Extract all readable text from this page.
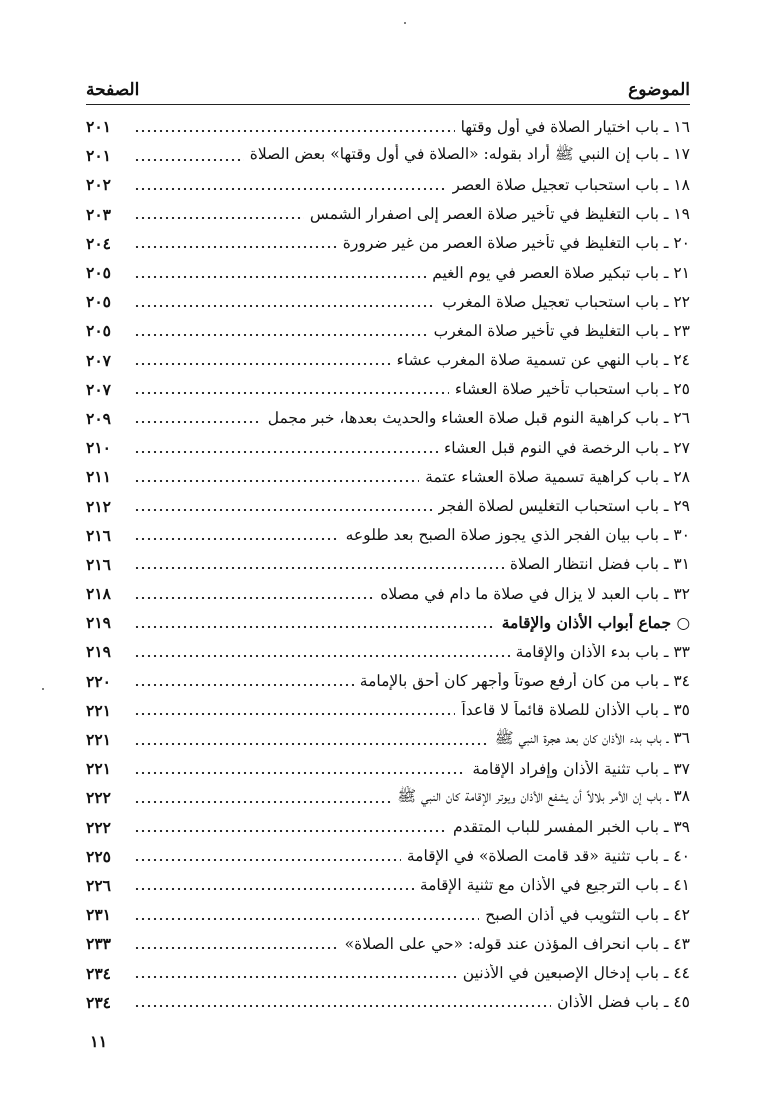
الموضوع
الصفحة
١٦ ـ باب اختيار الصلاة في أول وقتها
٢٠١
١٧ ـ باب إن النبي ﷺ أراد بقوله: «الصلاة في أول وقتها» بعض الصلاة
٢٠١
١٨ ـ باب استحباب تعجيل صلاة العصر
٢٠٢
١٩ ـ باب التغليظ في تأخير صلاة العصر إلى اصفرار الشمس
٢٠٣
٢٠ ـ باب التغليظ في تأخير صلاة العصر من غير ضرورة
٢٠٤
٢١ ـ باب تبكير صلاة العصر في يوم الغيم
٢٠٥
٢٢ ـ باب استحباب تعجيل صلاة المغرب
٢٠٥
٢٣ ـ باب التغليظ في تأخير صلاة المغرب
٢٠٥
٢٤ ـ باب النهي عن تسمية صلاة المغرب عشاء
٢٠٧
٢٥ ـ باب استحباب تأخير صلاة العشاء
٢٠٧
٢٦ ـ باب كراهية النوم قبل صلاة العشاء والحديث بعدها، خبر مجمل
٢٠٩
٢٧ ـ باب الرخصة في النوم قبل العشاء
٢١٠
٢٨ ـ باب كراهية تسمية صلاة العشاء عتمة
٢١١
٢٩ ـ باب استحباب التغليس لصلاة الفجر
٢١٢
٣٠ ـ باب بيان الفجر الذي يجوز صلاة الصبح بعد طلوعه
٢١٦
٣١ ـ باب فضل انتظار الصلاة
٢١٦
٣٢ ـ باب العبد لا يزال في صلاة ما دام في مصلاه
٢١٨
○ جماع أبواب الأذان والإقامة
٢١٩
٣٣ ـ باب بدء الأذان والإقامة
٢١٩
٣٤ ـ باب من كان أرفع صوتاً وأجهر كان أحق بالإمامة
٢٢٠
٣٥ ـ باب الأذان للصلاة قائماً لا قاعداً
٢٢١
٣٦ ـ باب بدء الأذان كان بعد هجرة النبي ﷺ
٢٢١
٣٧ ـ باب تثنية الأذان وإفراد الإقامة
٢٢١
٣٨ ـ باب إن الأمر بلالاً أن يشفع الأذان ويوتر الإقامة كان النبي ﷺ
٢٢٢
٣٩ ـ باب الخبر المفسر للباب المتقدم
٢٢٢
٤٠ ـ باب تثنية «قد قامت الصلاة» في الإقامة
٢٢٥
٤١ ـ باب الترجيع في الأذان مع تثنية الإقامة
٢٢٦
٤٢ ـ باب التثويب في أذان الصبح
٢٣١
٤٣ ـ باب انحراف المؤذن عند قوله: «حي على الصلاة»
٢٣٣
٤٤ ـ باب إدخال الإصبعين في الأذنين
٢٣٤
٤٥ ـ باب فضل الأذان
٢٣٤
١١
